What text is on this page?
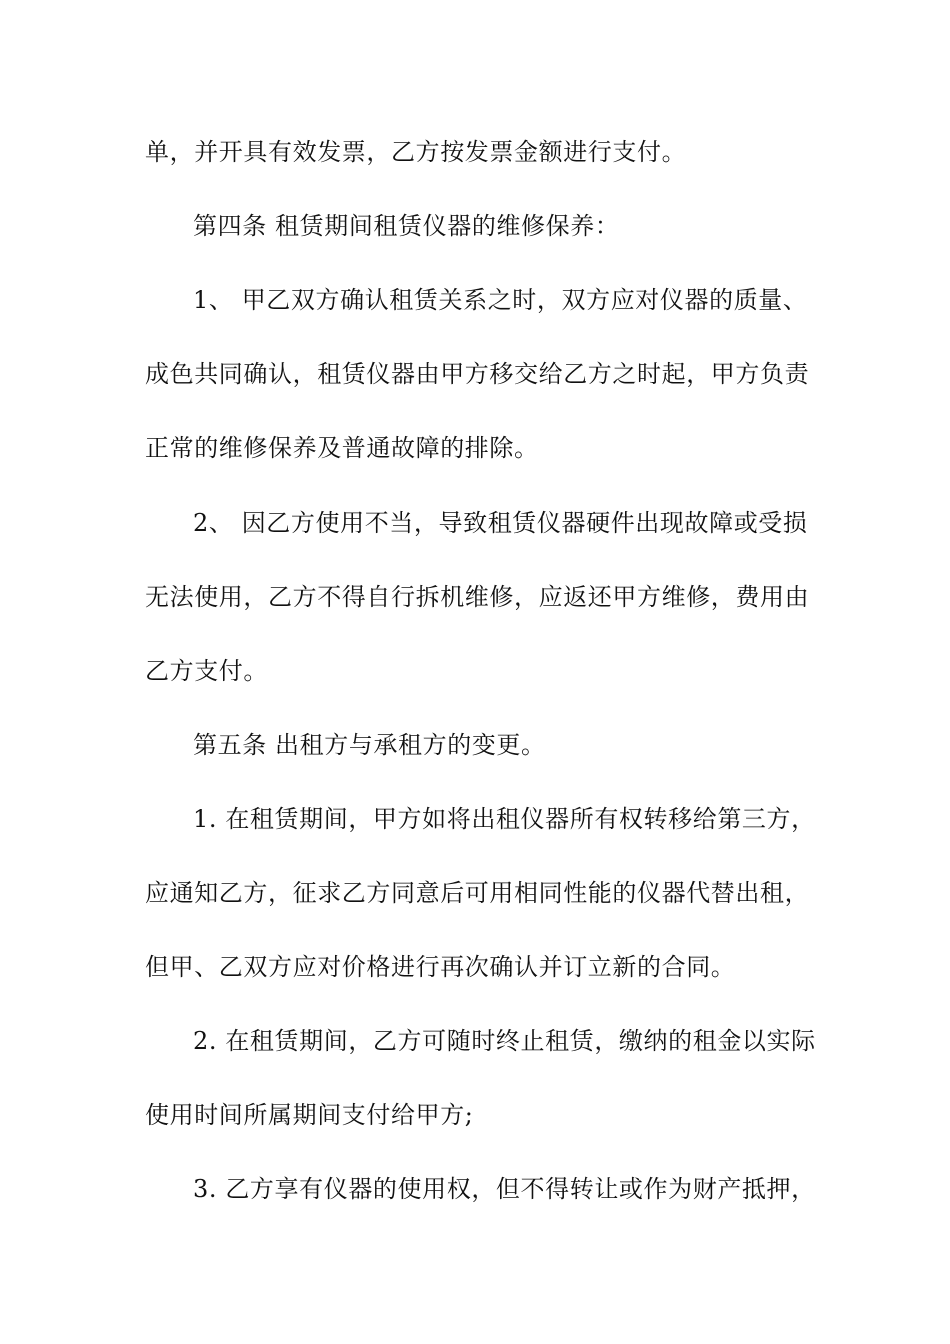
单，并开具有效发票，乙方按发票金额进行支付。
第四条 租赁期间租赁仪器的维修保养：
1、 甲乙双方确认租赁关系之时，双方应对仪器的质量、
成色共同确认，租赁仪器由甲方移交给乙方之时起，甲方负责
正常的维修保养及普通故障的排除。
2、 因乙方使用不当，导致租赁仪器硬件出现故障或受损
无法使用，乙方不得自行拆机维修，应返还甲方维修，费用由
乙方支付。
第五条 出租方与承租方的变更。
1. 在租赁期间，甲方如将出租仪器所有权转移给第三方，
应通知乙方，征求乙方同意后可用相同性能的仪器代替出租，
但甲、乙双方应对价格进行再次确认并订立新的合同。
2. 在租赁期间，乙方可随时终止租赁，缴纳的租金以实际
使用时间所属期间支付给甲方;
3. 乙方享有仪器的使用权，但不得转让或作为财产抵押，
